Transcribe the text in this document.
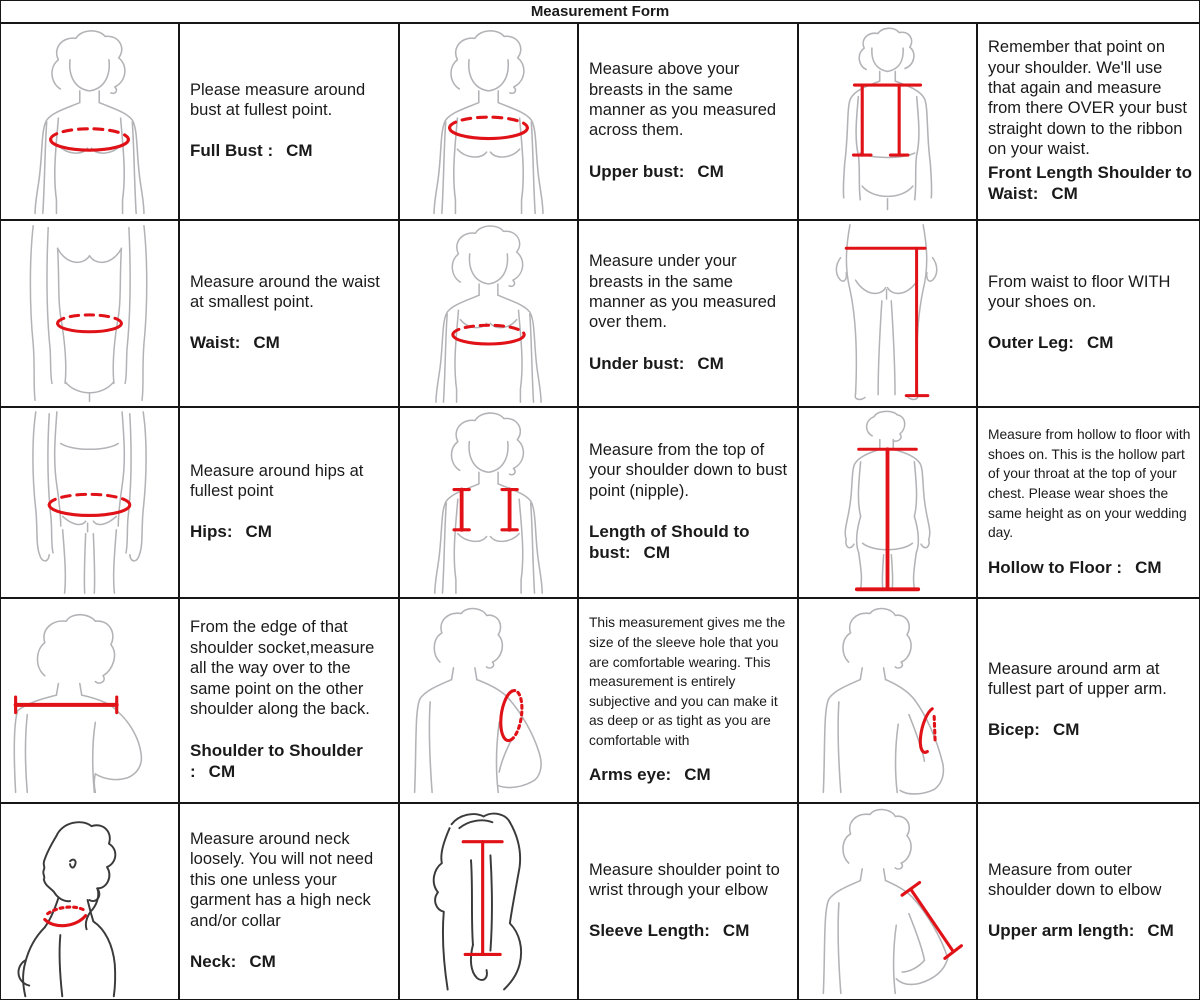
Measurement Form
Please measure around bust at fullest point.
Full Bust : CM
Measure above your breasts in the same manner as you measured across them.
Upper bust: CM
Remember that point on your shoulder. We'll use that again and measure from there OVER your bust straight down to the ribbon on your waist.
Front Length Shoulder to Waist: CM
Measure around the waist at smallest point.
Waist: CM
Measure under your breasts in the same manner as you measured over them.
Under bust: CM
From waist to floor WITH your shoes on.
Outer Leg: CM
Measure around hips at fullest point
Hips: CM
Measure from the top of your shoulder down to bust point (nipple).
Length of Should to bust: CM
Measure from hollow to floor with shoes on. This is the hollow part of your throat at the top of your chest. Please wear shoes the same height as on your wedding day.
Hollow to Floor : CM
From the edge of that shoulder socket,measure all the way over to the same point on the other shoulder along the back.
Shoulder to Shoulder : CM
This measurement gives me the size of the sleeve hole that you are comfortable wearing. This measurement is entirely subjective and you can make it as deep or as tight as you are comfortable with
Arms eye: CM
Measure around arm at fullest part of upper arm.
Bicep: CM
Measure around neck loosely. You will not need this one unless your garment has a high neck and/or collar
Neck: CM
Measure shoulder point to wrist through your elbow
Sleeve Length: CM
Measure from outer shoulder down to elbow
Upper arm length: CM
